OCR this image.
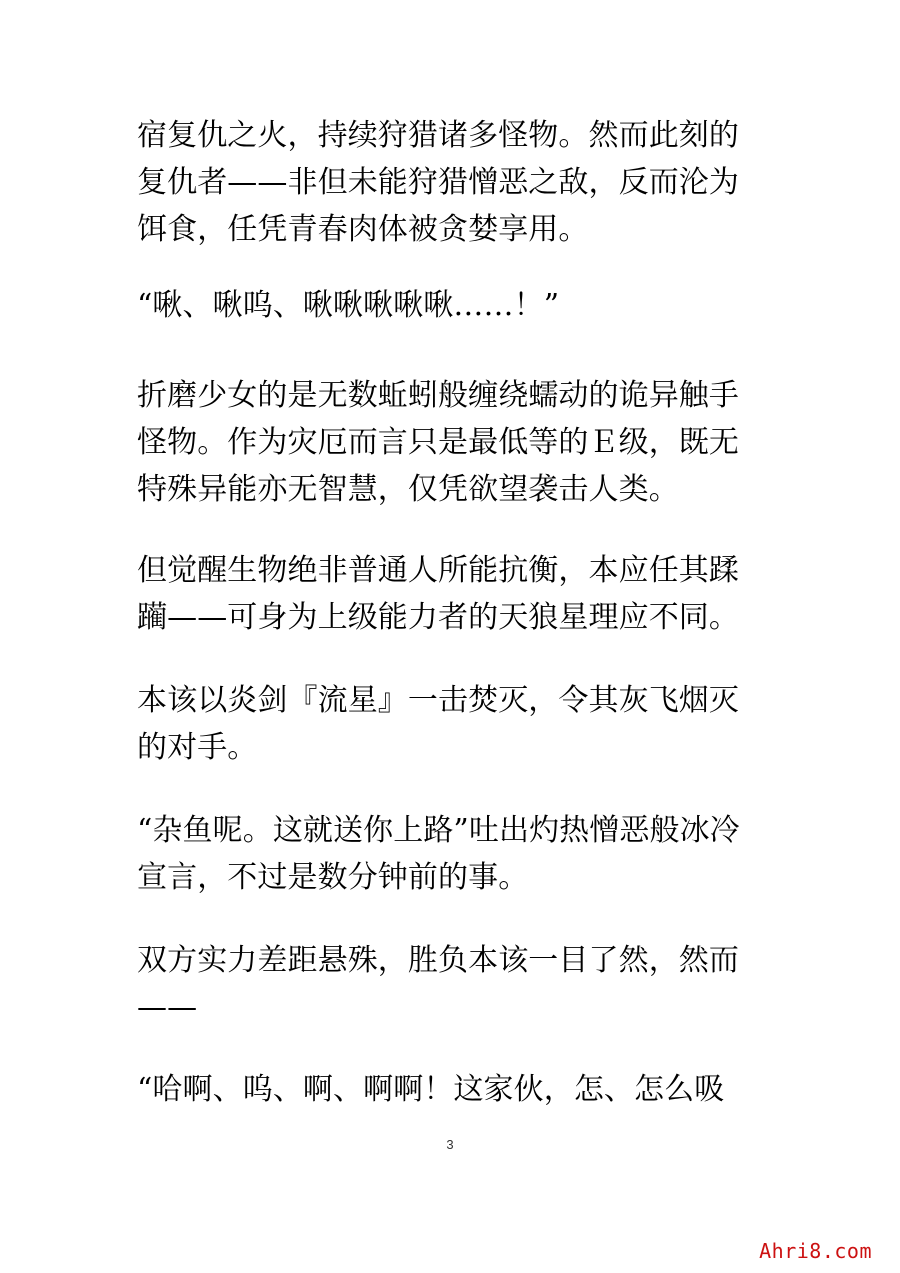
宿复仇之火，持续狩猎诸多怪物。然而此刻的复仇者——非但未能狩猎憎恶之敌，反而沦为饵食，任凭青春肉体被贪婪享用。

“啾、啾呜、啾啾啾啾啾……！”

折磨少女的是无数蚯蚓般缠绕蠕动的诡异触手怪物。作为灾厄而言只是最低等的Ｅ级，既无特殊异能亦无智慧，仅凭欲望袭击人类。

但觉醒生物绝非普通人所能抗衡，本应任其蹂躏——可身为上级能力者的天狼星理应不同。

本该以炎剑『流星』一击焚灭，令其灰飞烟灭的对手。

“杂鱼呢。这就送你上路”吐出灼热憎恶般冰冷宣言，不过是数分钟前的事。

双方实力差距悬殊，胜负本该一目了然，然而——

“哈啊、呜、啊、啊啊！这家伙，怎、怎么吸

3
Ahri8.com
